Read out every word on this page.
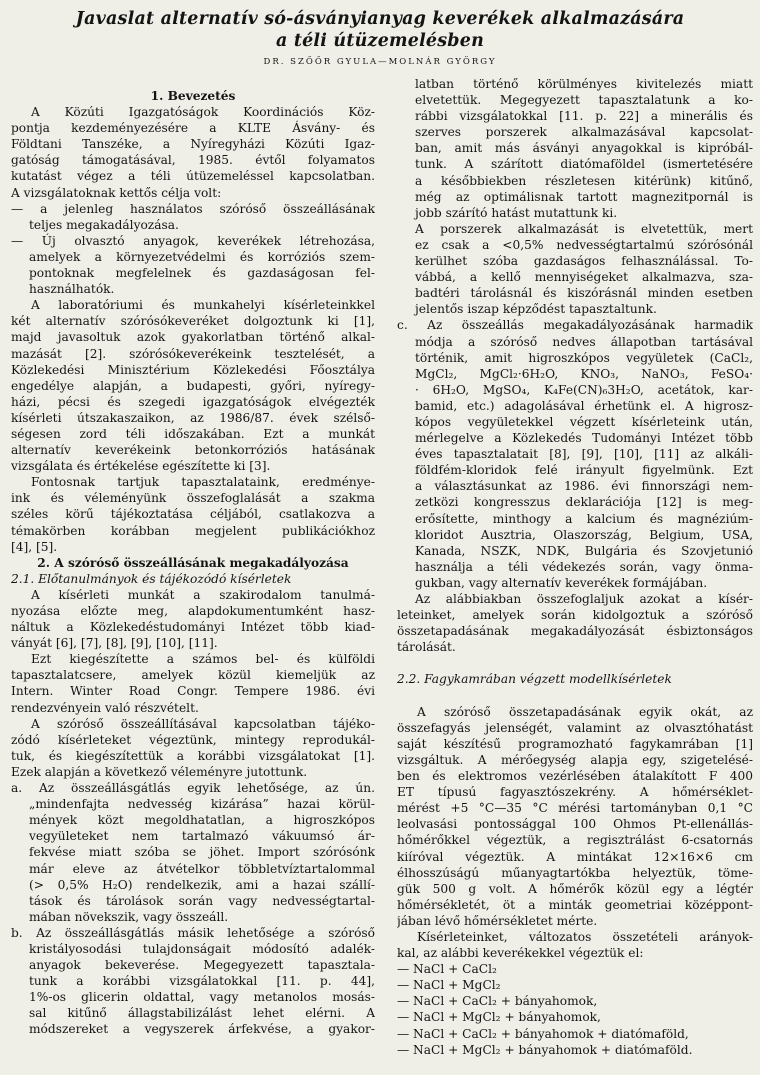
Javaslat alternatív só-ásványianyag keverékek alkalmazására
a téli útüzemelésben
DR. SZŐŐR GYULA—MOLNÁR GYÖRGY
1. Bevezetés
A Közúti Igazgatóságok Koordinációs Köz-
pontja kezdeményezésére a KLTE Ásvány- és
Földtani Tanszéke, a Nyíregyházi Közúti Igaz-
gatóság támogatásával, 1985. évtől folyamatos
kutatást végez a téli útüzemeléssel kapcsolatban.
A vizsgálatoknak kettős célja volt:
— a jelenleg használatos szóróső összeállásának
teljes megakadályozása.
— Új olvasztó anyagok, keverékek létrehozása,
amelyek a környezetvédelmi és korróziós szem-
pontoknak megfelelnek és gazdaságosan fel-
használhatók.
A laboratóriumi és munkahelyi kísérleteinkkel
két alternatív szórósókeveréket dolgoztunk ki [1],
majd javasoltuk azok gyakorlatban történő alkal-
mazását [2]. szórósókeverékeink tesztelését, a
Közlekedési Minisztérium Közlekedési Főosztálya
engedélye alapján, a budapesti, győri, nyíregy-
házi, pécsi és szegedi igazgatóságok elvégezték
kísérleti útszakaszaikon, az 1986/87. évek szélső-
ségesen zord téli időszakában. Ezt a munkát
alternatív keverékeink betonkorróziós hatásának
vizsgálata és értékelése egészítette ki [3].
Fontosnak tartjuk tapasztalataink, eredménye-
ink és véleményünk összefoglalását a szakma
széles körű tájékoztatása céljából, csatlakozva a
témakörben korábban megjelent publikációkhoz
[4], [5].
2. A szóróső összeállásának megakadályozása
2.1. Előtanulmányok és tájékozódó kísérletek
A kísérleti munkát a szakirodalom tanulmá-
nyozása előzte meg, alapdokumentumként hasz-
náltuk a Közlekedéstudományi Intézet több kiad-
ványát [6], [7], [8], [9], [10], [11].
Ezt kiegészítette a számos bel- és külföldi
tapasztalatcsere, amelyek közül kiemeljük az
Intern. Winter Road Congr. Tempere 1986. évi
rendezvényein való részvételt.
A szóróső összeállításával kapcsolatban tájéko-
zódó kísérleteket végeztünk, mintegy reprodukál-
tuk, és kiegészítettük a korábbi vizsgálatokat [1].
Ezek alapján a következő véleményre jutottunk.
a. Az összeállásgátlás egyik lehetősége, az ún.
„mindenfajta nedvesség kizárása” hazai körül-
mények közt megoldhatatlan, a higroszkópos
vegyületeket nem tartalmazó vákuumsó ár-
fekvése miatt szóba se jöhet. Import szórósónk
már eleve az átvételkor többletvíztartalommal
(> 0,5% H₂O) rendelkezik, ami a hazai szállí-
tások és tárolások során vagy nedvességtartal-
mában növekszik, vagy összeáll.
b. Az összeállásgátlás másik lehetősége a szóróső
kristályosodási tulajdonságait módosító adalék-
anyagok bekeverése. Megegyezett tapasztala-
tunk a korábbi vizsgálatokkal [11. p. 44],
1%-os glicerin oldattal, vagy metanolos mosás-
sal kitűnő állagstabilizálást lehet elérni. A
módszereket a vegyszerek árfekvése, a gyakor-
latban történő körülményes kivitelezés miatt
elvetettük. Megegyezett tapasztalatunk a ko-
rábbi vizsgálatokkal [11. p. 22] a minerális és
szerves porszerek alkalmazásával kapcsolat-
ban, amit más ásványi anyagokkal is kipróbál-
tunk. A szárított diatómaföldel (ismertetésére
a későbbiekben részletesen kitérünk) kitűnő,
még az optimálisnak tartott magnezitpornál is
jobb szárító hatást mutattunk ki.
A porszerek alkalmazását is elvetettük, mert
ez csak a <0,5% nedvességtartalmú szórósónál
kerülhet szóba gazdaságos felhasználással. To-
vábbá, a kellő mennyiségeket alkalmazva, sza-
badtéri tárolásnál és kiszórásnál minden esetben
jelentős iszap képződést tapasztaltunk.
c. Az összeállás megakadályozásának harmadik
módja a szóróső nedves állapotban tartásával
történik, amit higroszkópos vegyületek (CaCl₂,
MgCl₂, MgCl₂·6H₂O, KNO₃, NaNO₃, FeSO₄·
· 6H₂O, MgSO₄, K₄Fe(CN)₆3H₂O, acetátok, kar-
bamid, etc.) adagolásával érhetünk el. A higrosz-
kópos vegyületekkel végzett kísérleteink után,
mérlegelve a Közlekedés Tudományi Intézet több
éves tapasztalatait [8], [9], [10], [11] az alkáli-
földfém-kloridok felé irányult figyelmünk. Ezt
a választásunkat az 1986. évi finnországi nem-
zetközi kongresszus deklarációja [12] is meg-
erősítette, minthogy a kalcium és magnéziúm-
kloridot Ausztria, Olaszország, Belgium, USA,
Kanada, NSZK, NDK, Bulgária és Szovjetunió
használja a téli védekezés során, vagy önma-
gukban, vagy alternatív keverékek formájában.
Az alábbiakban összefoglaljuk azokat a kísér-
leteinket, amelyek során kidolgoztuk a szóróső
összetapadásának megakadályozását ésbiztonságos
tárolását.
2.2. Fagykamrában végzett modellkísérletek
A szóróső összetapadásának egyik okát, az
összefagyás jelenségét, valamint az olvasztóhatást
saját készítésű programozható fagykamrában [1]
vizsgáltuk. A mérőegység alapja egy, szigetelésé-
ben és elektromos vezérlésében átalakított F 400
ET típusú fagyasztószekrény. A hőmérséklet-
mérést +5 °C—35 °C mérési tartományban 0,1 °C
leolvasási pontossággal 100 Ohmos Pt-ellenállás-
hőmérőkkel végeztük, a regisztrálást 6-csatornás
kiíróval végeztük. A mintákat 12×16×6 cm
élhosszúságú műanyagtartókba helyeztük, töme-
gük 500 g volt. A hőmérők közül egy a légtér
hőmérsékletét, öt a minták geometriai középpont-
jában lévő hőmérsékletet mérte.
Kísérleteinket, változatos összetételi arányok-
kal, az alábbi keverékekkel végeztük el:
— NaCl + CaCl₂
— NaCl + MgCl₂
— NaCl + CaCl₂ + bányahomok,
— NaCl + MgCl₂ + bányahomok,
— NaCl + CaCl₂ + bányahomok + diatómaföld,
— NaCl + MgCl₂ + bányahomok + diatómaföld.
